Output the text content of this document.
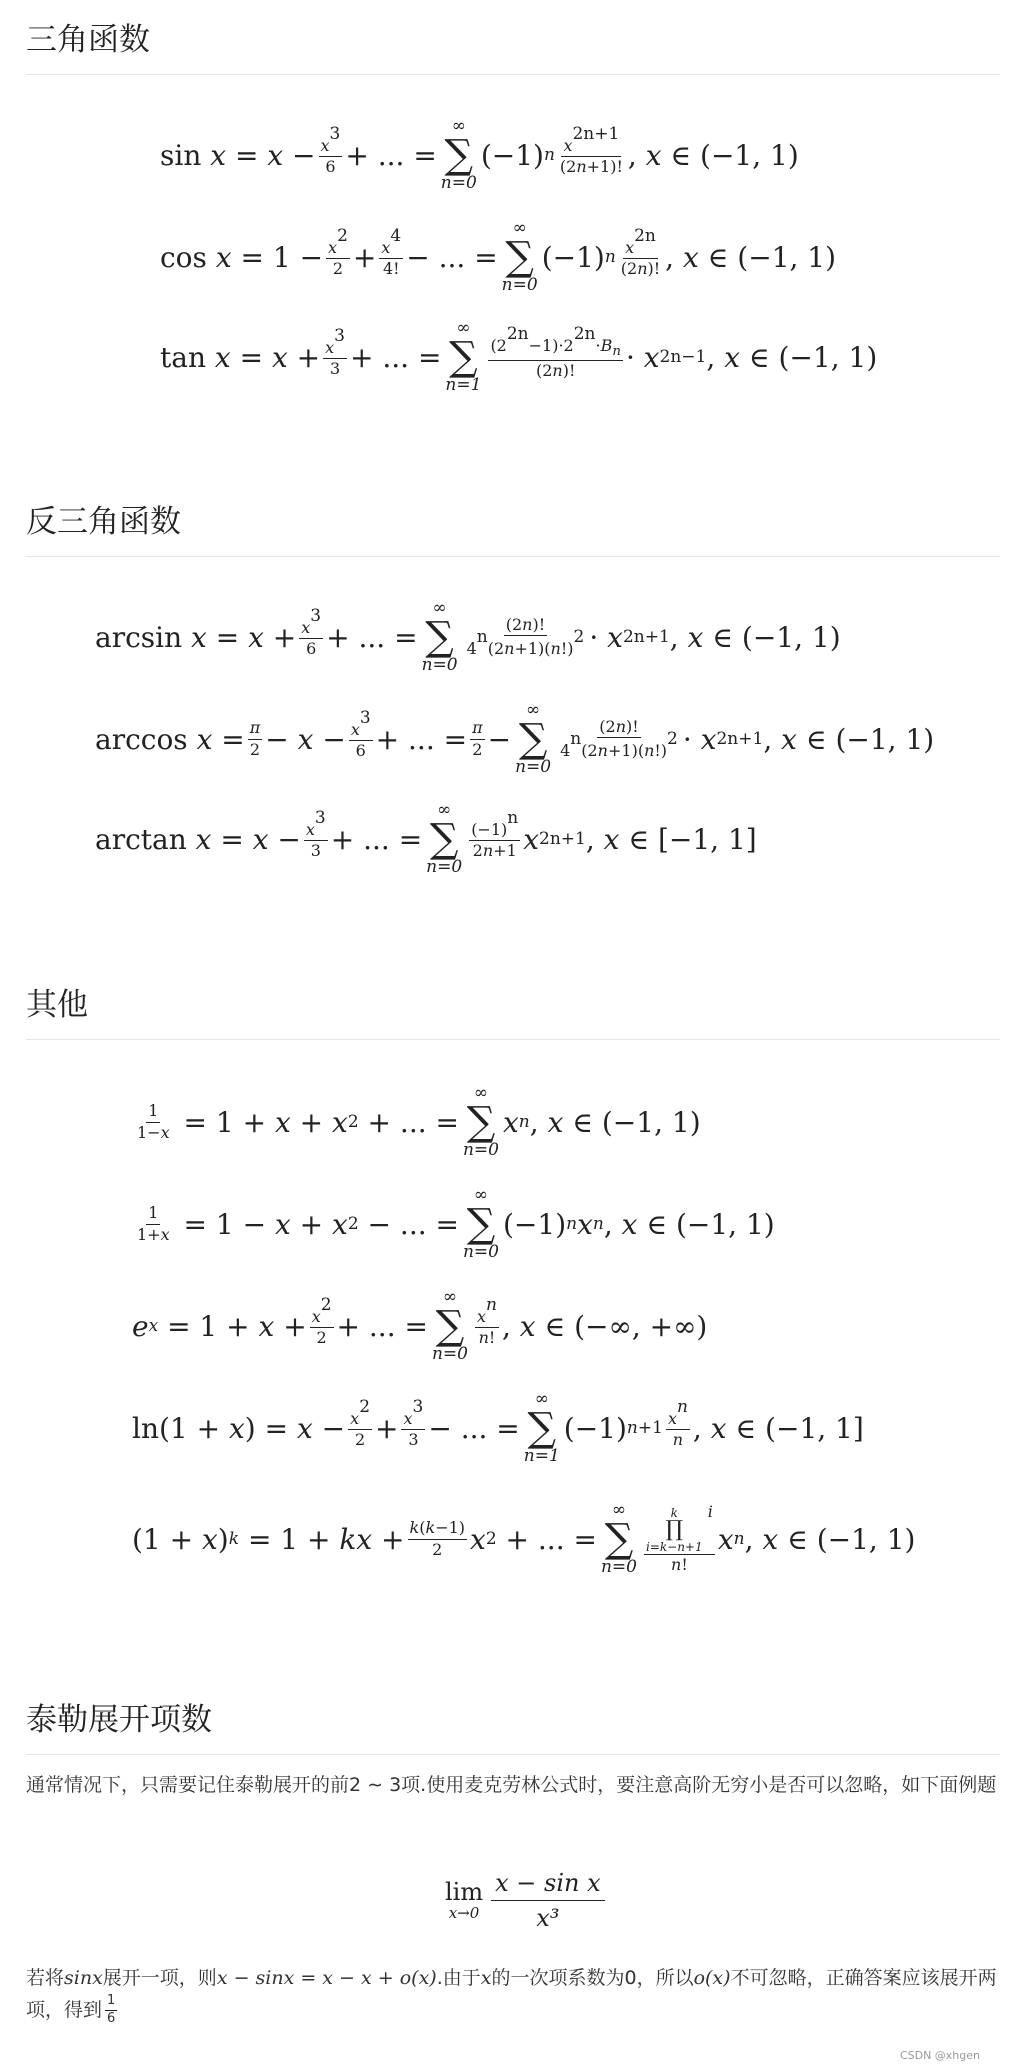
三角函数
$\sin x = x - \frac{x^3}{6}$ + ... =
∞
∑
n=0
(−1) n $\frac{x^{2n+1}}{(2n+1)!}$ , x ∈ (−1, 1)
$\cos x = 1 - \frac{x^2}{2} + \frac{x^4}{4!}$ − ... =
∞
∑
n=0
(−1) n $\frac{x^{2n}}{(2n)!}$ , x ∈ (−1, 1)
$\tan x = x + \frac{x^3}{3}$ + ... =
∞
∑
n=1
$\frac{(2^{2n}-1)\cdot 2^{2n}\cdot B_n}{(2n)!} \cdot x$ 2n−1 , x ∈ (−1, 1)
反三角函数
$\arcsin x = x + \frac{x^3}{6}$ + ... =
∞
∑
n=0
$\frac{(2n)!}{4^n(2n+1)(n!)^2} \cdot x$ 2n+1 , x ∈ (−1, 1)
$\arccos x = \frac{\pi}{2} - x - \frac{x^3}{6}$ + ... = $\frac{\pi}{2}$ −
∞
∑
n=0
$\frac{(2n)!}{4^n(2n+1)(n!)^2} \cdot x$ 2n+1 , x ∈ (−1, 1)
$\arctan x = x - \frac{x^3}{3}$ + ... =
∞
∑
n=0
$\frac{(-1)^n}{2n+1}$ x 2n+1 , x ∈ [−1, 1]
其他
$\frac{1}{1-x} = 1 + x + x$ 2 + ... =
∞
∑
n=0
x n , x ∈ (−1, 1)
$\frac{1}{1+x} = 1 - x + x$ 2 − ... =
∞
∑
n=0
(−1) n x n , x ∈ (−1, 1)
e $x = 1 + x + \frac{x^2}{2}$ + ... =
∞
∑
n=0
$\frac{x^n}{n!}$ , x ∈ (−∞, +∞)
ln (1 + x ) = $x - \frac{x^2}{2} + \frac{x^3}{3}$ − ... =
∞
∑
n=1
(−1) $n+1 \frac{x^n}{n}$ , x ∈ (−1, 1]
(1 + x ) k = 1 + kx + $\frac{k(k-1)}{2}$ x 2 + ... =
∞
∑
n=0 k
∏
i=k−n+1
i
n! x n , x ∈ (−1, 1)
泰勒展开项数
通常情况下，只需要记住泰勒展开的前2 ∼ 3项.使用麦克劳林公式时，要注意高阶无穷小是否可以忽略，如下面例题
lim
$x\to 0 \frac{\text{x − sin x}}{\text{x³}}$
若将sinx展开一项，则x − sinx = x − x + o(x).由于x的一次项系数为0，所以o(x)不可忽略，正确答案应该展开两项，得到 $\frac{1}{6}$
CSDN @xhgen
